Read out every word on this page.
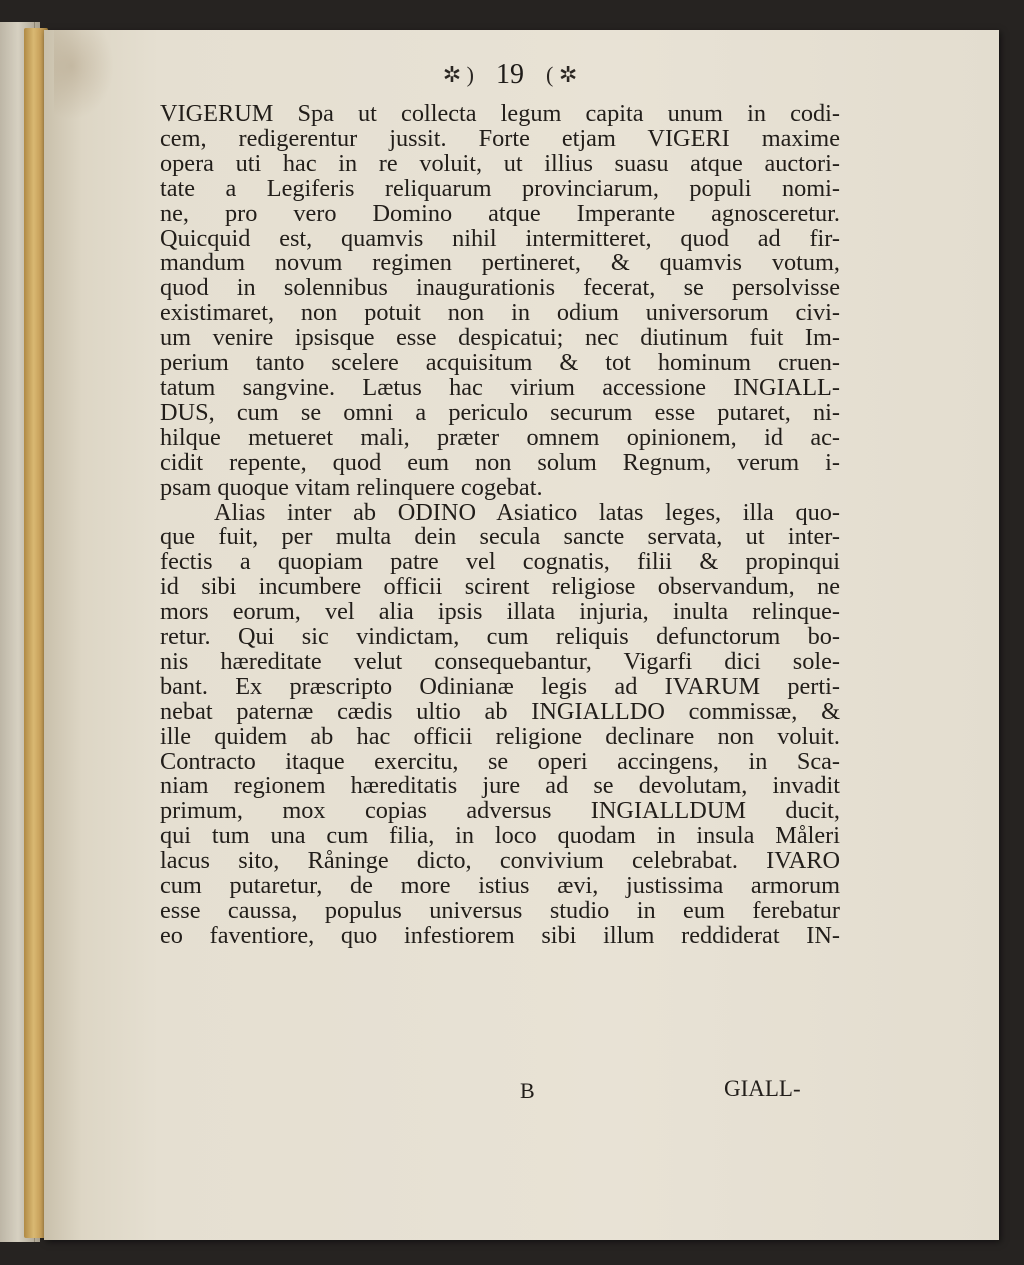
✲ ) 19 ( ✲
VIGERUM Spa ut collecta legum capita unum in codi-
cem, redigerentur jussit. Forte etjam VIGERI maxime
opera uti hac in re voluit, ut illius suasu atque auctori-
tate a Legiferis reliquarum provinciarum, populi nomi-
ne, pro vero Domino atque Imperante agnosceretur.
Quicquid est, quamvis nihil intermitteret, quod ad fir-
mandum novum regimen pertineret, & quamvis votum,
quod in solennibus inaugurationis fecerat, se persolvisse
existimaret, non potuit non in odium universorum civi-
um venire ipsisque esse despicatui; nec diutinum fuit Im-
perium tanto scelere acquisitum & tot hominum cruen-
tatum sangvine. Lætus hac virium accessione INGIALL-
DUS, cum se omni a periculo securum esse putaret, ni-
hilque metueret mali, præter omnem opinionem, id ac-
cidit repente, quod eum non solum Regnum, verum i-
psam quoque vitam relinquere cogebat.
Alias inter ab ODINO Asiatico latas leges, illa quo-
que fuit, per multa dein secula sancte servata, ut inter-
fectis a quopiam patre vel cognatis, filii & propinqui
id sibi incumbere officii scirent religiose observandum, ne
mors eorum, vel alia ipsis illata injuria, inulta relinque-
retur. Qui sic vindictam, cum reliquis defunctorum bo-
nis hæreditate velut consequebantur, Vigarfi dici sole-
bant. Ex præscripto Odinianæ legis ad IVARUM perti-
nebat paternæ cædis ultio ab INGIALLDO commissæ, &
ille quidem ab hac officii religione declinare non voluit.
Contracto itaque exercitu, se operi accingens, in Sca-
niam regionem hæreditatis jure ad se devolutam, invadit
primum, mox copias adversus INGIALLDUM ducit,
qui tum una cum filia, in loco quodam in insula Måleri
lacus sito, Råninge dicto, convivium celebrabat. IVARO
cum putaretur, de more istius ævi, justissima armorum
esse caussa, populus universus studio in eum ferebatur
eo faventiore, quo infestiorem sibi illum reddiderat IN-
B	GIALL-
